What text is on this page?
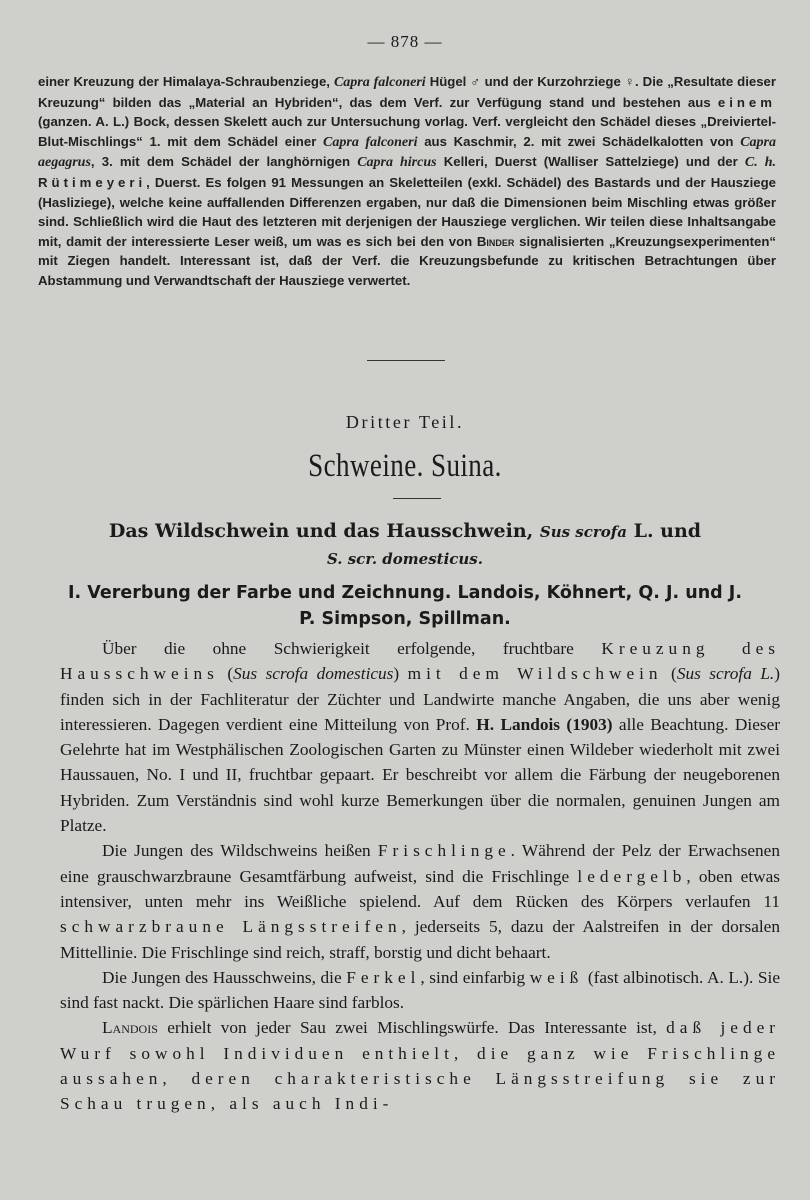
— 878 —
einer Kreuzung der Himalaya-Schraubenziege, Capra falconeri Hügel ♂ und der Kurzohrziege ♀. Die „Resultate dieser Kreuzung“ bilden das „Material an Hybriden“, das dem Verf. zur Verfügung stand und bestehen aus einem (ganzen. A. L.) Bock, dessen Skelett auch zur Untersuchung vorlag. Verf. vergleicht den Schädel dieses „Dreiviertel-Blut-Mischlings“ 1. mit dem Schädel einer Capra falconeri aus Kaschmir, 2. mit zwei Schädelkalotten von Capra aegagrus, 3. mit dem Schädel der langhörnigen Capra hircus Kelleri, Duerst (Walliser Sattelziege) und der C. h. Rütimeyeri, Duerst. Es folgen 91 Messungen an Skeletteilen (exkl. Schädel) des Bastards und der Hausziege (Hasliziege), welche keine auffallenden Differenzen ergaben, nur daß die Dimensionen beim Mischling etwas größer sind. Schließlich wird die Haut des letzteren mit derjenigen der Hausziege verglichen. Wir teilen diese Inhaltsangabe mit, damit der interessierte Leser weiß, um was es sich bei den von Binder signalisierten „Kreuzungsexperimenten“ mit Ziegen handelt. Interessant ist, daß der Verf. die Kreuzungsbefunde zu kritischen Betrachtungen über Abstammung und Verwandtschaft der Hausziege verwertet.
Dritter Teil.
Schweine. Suina.
Das Wildschwein und das Hausschwein, Sus scrofa L. und
S. scr. domesticus.
I. Vererbung der Farbe und Zeichnung. Landois, Köhnert, Q. J. und J. P. Simpson, Spillman.

Über die ohne Schwierigkeit erfolgende, fruchtbare Kreuzung des Hausschweins (Sus scrofa domesticus) mit dem Wildschwein (Sus scrofa L.) finden sich in der Fachliteratur der Züchter und Landwirte manche Angaben, die uns aber wenig interessieren. Dagegen verdient eine Mitteilung von Prof. H. Landois (1903) alle Beachtung. Dieser Gelehrte hat im Westphälischen Zoologischen Garten zu Münster einen Wildeber wiederholt mit zwei Haussauen, No. I und II, fruchtbar gepaart. Er beschreibt vor allem die Färbung der neugeborenen Hybriden. Zum Verständnis sind wohl kurze Bemerkungen über die normalen, genuinen Jungen am Platze.

Die Jungen des Wildschweins heißen Frischlinge. Während der Pelz der Erwachsenen eine grauschwarzbraune Gesamtfärbung aufweist, sind die Frischlinge ledergelb, oben etwas intensiver, unten mehr ins Weißliche spielend. Auf dem Rücken des Körpers verlaufen 11 schwarzbraune Längsstreifen, jederseits 5, dazu der Aalstreifen in der dorsalen Mittellinie. Die Frischlinge sind reich, straff, borstig und dicht behaart.

Die Jungen des Hausschweins, die Ferkel, sind einfarbig weiß (fast albinotisch. A. L.). Sie sind fast nackt. Die spärlichen Haare sind farblos.

Landois erhielt von jeder Sau zwei Mischlingswürfe. Das Interessante ist, daß jeder Wurf sowohl Individuen enthielt, die ganz wie Frischlinge aussahen, deren charakteristische Längsstreifung sie zur Schau trugen, als auch Indi-
